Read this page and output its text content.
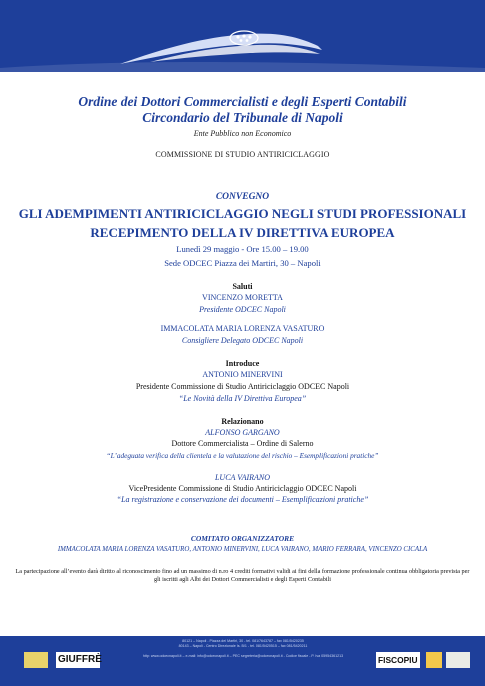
Ordine dei Dottori Commercialisti e degli Esperti Contabili
Circondario del Tribunale di Napoli
Ente Pubblico non Economico
COMMISSIONE DI STUDIO ANTIRICICLAGGIO
CONVEGNO
GLI ADEMPIMENTI ANTIRICICLAGGIO NEGLI STUDI PROFESSIONALI
RECEPIMENTO DELLA IV DIRETTIVA EUROPEA
Lunedì 29 maggio - Ore 15.00 – 19.00
Sede ODCEC Piazza dei Martiri, 30 – Napoli
Saluti
VINCENZO MORETTA
Presidente ODCEC Napoli
IMMACOLATA MARIA LORENZA VASATURO
Consigliere Delegato ODCEC Napoli
Introduce
ANTONIO MINERVINI
Presidente Commissione di Studio Antiriciclaggio ODCEC Napoli
“Le Novità della IV Direttiva Europea”
Relazionano
ALFONSO GARGANO
Dottore Commercialista – Ordine di Salerno
“L’adeguata verifica della clientela e la valutazione del rischio – Esemplificazioni pratiche”
LUCA VAIRANO
VicePresidente Commissione di Studio Antiriciclaggio ODCEC Napoli
“La registrazione e conservazione dei documenti – Esemplificazioni pratiche”
COMITATO ORGANIZZATORE
IMMACOLATA MARIA LORENZA VASATURO, ANTONIO MINERVINI, LUCA VAIRANO, MARIO FERRARA, VINCENZO CICALA
La partecipazione all’evento darà diritto al riconoscimento fino ad un massimo di n.ro 4 crediti formativi validi ai fini della formazione professionale continua obbligatoria prevista per
gli iscritti agli Albi dei Dottori Commercialisti e degli Esperti Contabili
GIUFFRÈ
80121 – Napoli - Piazza dei Martiri, 30 - tel. 081/7643787 – fax 081/5420235
80143 – Napoli - Centro Direzionale Is. B/1 - tel. 081/5420515 – fax 081/5420211
http: www.odcecnapoli.it – e-mail: info@odcecnapoli.it – PEC segreteria@odcecnapoli.it - Codice fiscale - P. Iva 05954361213	FISCOPIU
